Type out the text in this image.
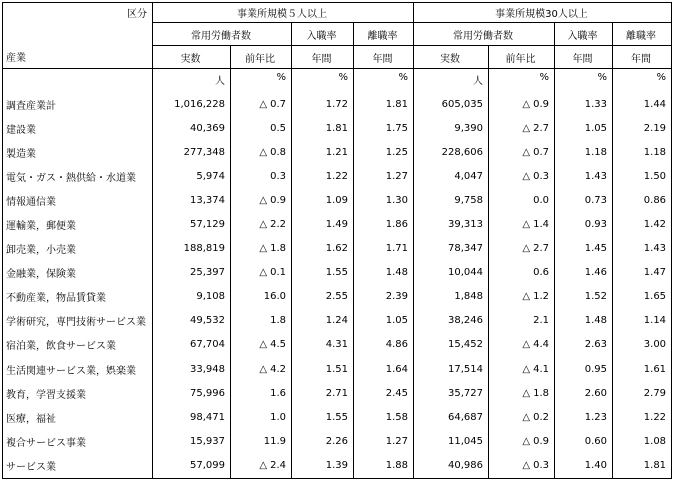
区分	事業所規模５人以上				事業所規模30人以上			
	常用労働者数		入職率	離職率	常用労働者数		入職率	離職率
産業	実数	前年比	年間	年間	実数	前年比	年間	年間
	人	%	%	%	人	%	%	%
調査産業計	1,016,228	△ 0.7	1.72	1.81	605,035	△ 0.9	1.33	1.44
建設業	40,369	0.5	1.81	1.75	9,390	△ 2.7	1.05	2.19
製造業	277,348	△ 0.8	1.21	1.25	228,606	△ 0.7	1.18	1.18
電気・ガス・熱供給・水道業	5,974	0.3	1.22	1.27	4,047	△ 0.3	1.43	1.50
情報通信業	13,374	△ 0.9	1.09	1.30	9,758	0.0	0.73	0.86
運輸業，郵便業	57,129	△ 2.2	1.49	1.86	39,313	△ 1.4	0.93	1.42
卸売業，小売業	188,819	△ 1.8	1.62	1.71	78,347	△ 2.7	1.45	1.43
金融業，保険業	25,397	△ 0.1	1.55	1.48	10,044	0.6	1.46	1.47
不動産業，物品賃貸業	9,108	16.0	2.55	2.39	1,848	△ 1.2	1.52	1.65
学術研究，専門技術サービス業	49,532	1.8	1.24	1.05	38,246	2.1	1.48	1.14
宿泊業，飲食サービス業	67,704	△ 4.5	4.31	4.86	15,452	△ 4.4	2.63	3.00
生活関連サービス業，娯楽業	33,948	△ 4.2	1.51	1.64	17,514	△ 4.1	0.95	1.61
教育，学習支援業	75,996	1.6	2.71	2.45	35,727	△ 1.8	2.60	2.79
医療，福祉	98,471	1.0	1.55	1.58	64,687	△ 0.2	1.23	1.22
複合サービス事業	15,937	11.9	2.26	1.27	11,045	△ 0.9	0.60	1.08
サービス業	57,099	△ 2.4	1.39	1.88	40,986	△ 0.3	1.40	1.81
